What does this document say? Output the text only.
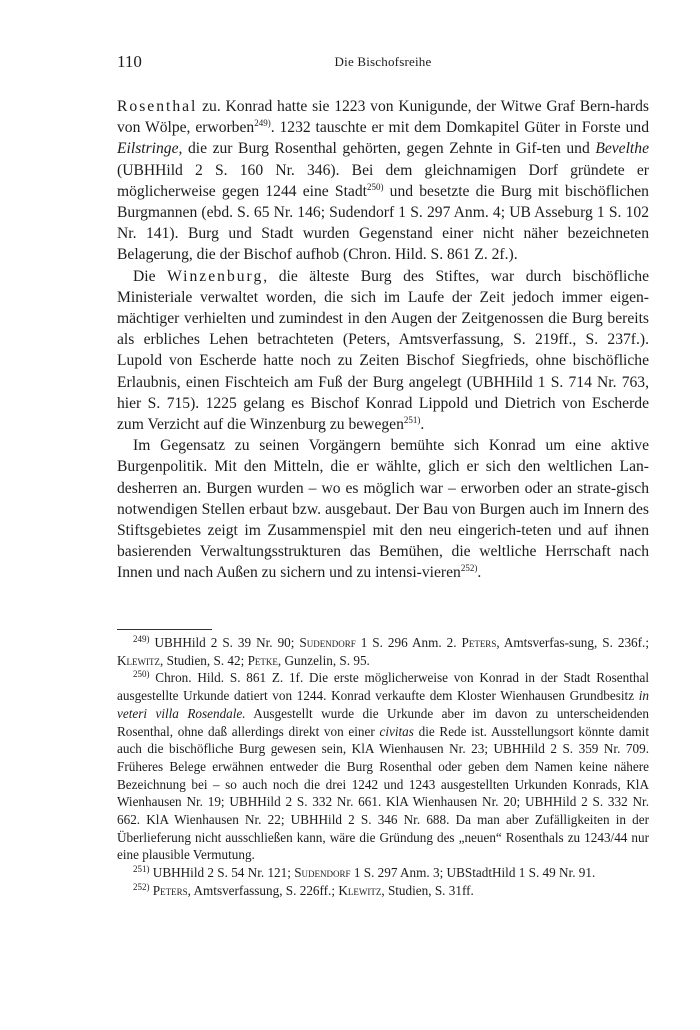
110	Die Bischofsreihe

Rosenthal zu. Konrad hatte sie 1223 von Kunigunde, der Witwe Graf Bern-hards von Wölpe, erworben$^{249)}$. 1232 tauschte er mit dem Domkapitel Güter in Forste und Eilstringe, die zur Burg Rosenthal gehörten, gegen Zehnte in Gif-ten und Bevelthe (UBHHild 2 S. 160 Nr. 346). Bei dem gleichnamigen Dorf gründete er möglicherweise gegen 1244 eine Stadt$^{250)}$ und besetzte die Burg mit bischöflichen Burgmannen (ebd. S. 65 Nr. 146; Sudendorf 1 S. 297 Anm. 4; UB Asseburg 1 S. 102 Nr. 141). Burg und Stadt wurden Gegenstand einer nicht näher bezeichneten Belagerung, die der Bischof aufhob (Chron. Hild. S. 861 Z. 2f.).

Die Winzenburg, die älteste Burg des Stiftes, war durch bischöfliche Ministeriale verwaltet worden, die sich im Laufe der Zeit jedoch immer eigen-mächtiger verhielten und zumindest in den Augen der Zeitgenossen die Burg bereits als erbliches Lehen betrachteten (Peters, Amtsverfassung, S. 219ff., S. 237f.). Lupold von Escherde hatte noch zu Zeiten Bischof Siegfrieds, ohne bischöfliche Erlaubnis, einen Fischteich am Fuß der Burg angelegt (UBHHild 1 S. 714 Nr. 763, hier S. 715). 1225 gelang es Bischof Konrad Lippold und Dietrich von Escherde zum Verzicht auf die Winzenburg zu bewegen$^{251)}$.

Im Gegensatz zu seinen Vorgängern bemühte sich Konrad um eine aktive Burgenpolitik. Mit den Mitteln, die er wählte, glich er sich den weltlichen Lan-desherren an. Burgen wurden – wo es möglich war – erworben oder an strate-gisch notwendigen Stellen erbaut bzw. ausgebaut. Der Bau von Burgen auch im Innern des Stiftsgebietes zeigt im Zusammenspiel mit den neu eingerich-teten und auf ihnen basierenden Verwaltungsstrukturen das Bemühen, die weltliche Herrschaft nach Innen und nach Außen zu sichern und zu intensi-vieren$^{252)}$.

$^{249)}$ UBHHild 2 S. 39 Nr. 90; Sudendorf 1 S. 296 Anm. 2. Peters, Amtsverfas-sung, S. 236f.; Klewitz, Studien, S. 42; Petke, Gunzelin, S. 95.

$^{250)}$ Chron. Hild. S. 861 Z. 1f. Die erste möglicherweise von Konrad in der Stadt Rosenthal ausgestellte Urkunde datiert von 1244. Konrad verkaufte dem Kloster Wienhausen Grundbesitz in veteri villa Rosendale. Ausgestellt wurde die Urkunde aber im davon zu unterscheidenden Rosenthal, ohne daß allerdings direkt von einer civitas die Rede ist. Ausstellungsort könnte damit auch die bischöfliche Burg gewesen sein, KlA Wienhausen Nr. 23; UBHHild 2 S. 359 Nr. 709. Früheres Belege erwähnen entweder die Burg Rosenthal oder geben dem Namen keine nähere Bezeichnung bei – so auch noch die drei 1242 und 1243 ausgestellten Urkunden Konrads, KlA Wienhausen Nr. 19; UBHHild 2 S. 332 Nr. 661. KlA Wienhausen Nr. 20; UBHHild 2 S. 332 Nr. 662. KlA Wienhausen Nr. 22; UBHHild 2 S. 346 Nr. 688. Da man aber Zufälligkeiten in der Überlieferung nicht ausschließen kann, wäre die Gründung des „neuen“ Rosenthals zu 1243/44 nur eine plausible Vermutung.

$^{251)}$ UBHHild 2 S. 54 Nr. 121; Sudendorf 1 S. 297 Anm. 3; UBStadtHild 1 S. 49 Nr. 91.

$^{252)}$ Peters, Amtsverfassung, S. 226ff.; Klewitz, Studien, S. 31ff.
